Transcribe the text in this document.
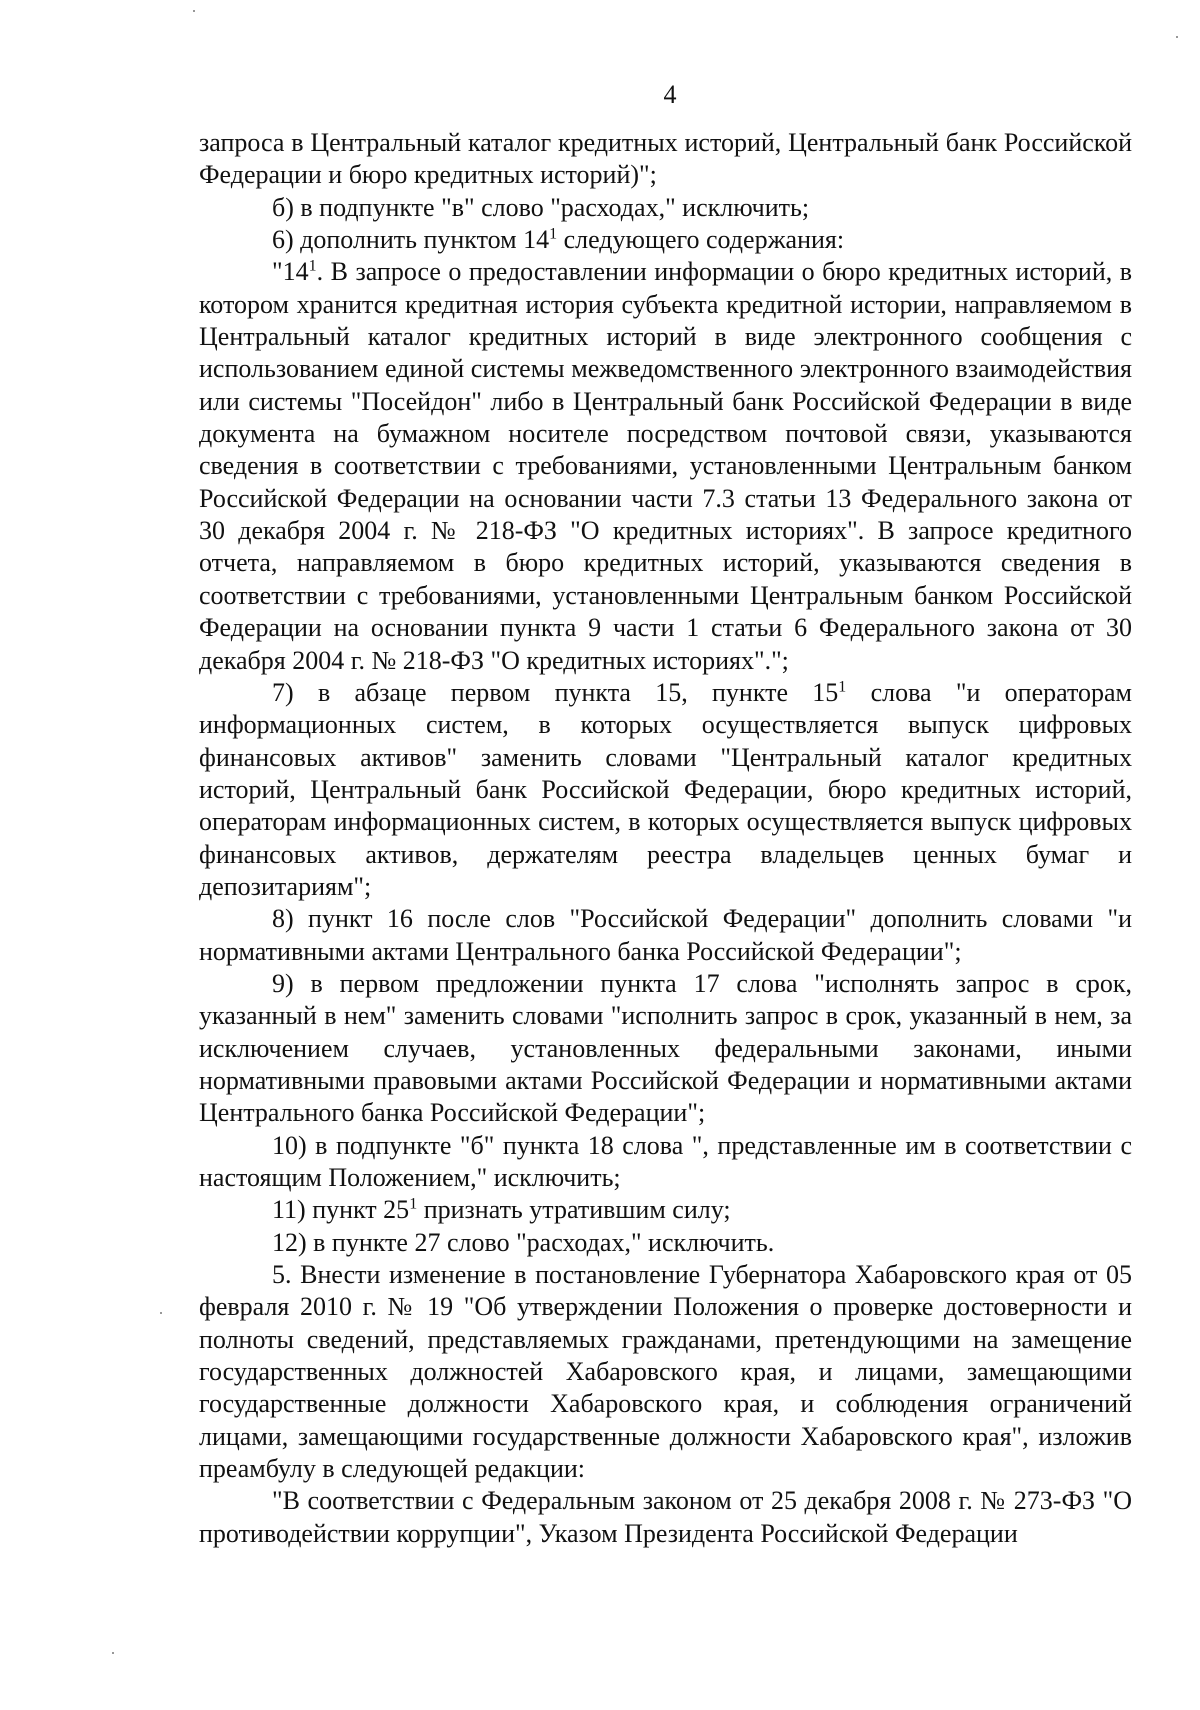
4

запроса в Центральный каталог кредитных историй, Центральный банк Российской Федерации и бюро кредитных историй)";

б) в подпункте "в" слово "расходах," исключить;

6) дополнить пунктом $14^1$ следующего содержания:

"$14^1$. В запросе о предоставлении информации о бюро кредитных историй, в котором хранится кредитная история субъекта кредитной истории, направляемом в Центральный каталог кредитных историй в виде электронного сообщения с использованием единой системы межведомственного электронного взаимодействия или системы "Посейдон" либо в Центральный банк Российской Федерации в виде документа на бумажном носителе посредством почтовой связи, указываются сведения в соответствии с требованиями, установленными Центральным банком Российской Федерации на основании части 7.3 статьи 13 Федерального закона от 30 декабря 2004 г. № 218-ФЗ "О кредитных историях". В запросе кредитного отчета, направляемом в бюро кредитных историй, указываются сведения в соответствии с требованиями, установленными Центральным банком Российской Федерации на основании пункта 9 части 1 статьи 6 Федерального закона от 30 декабря 2004 г. № 218-ФЗ "О кредитных историях".";

7) в абзаце первом пункта 15, пункте $15^1$ слова "и операторам информационных систем, в которых осуществляется выпуск цифровых финансовых активов" заменить словами "Центральный каталог кредитных историй, Центральный банк Российской Федерации, бюро кредитных историй, операторам информационных систем, в которых осуществляется выпуск цифровых финансовых активов, держателям реестра владельцев ценных бумаг и депозитариям";

8) пункт 16 после слов "Российской Федерации" дополнить словами "и нормативными актами Центрального банка Российской Федерации";

9) в первом предложении пункта 17 слова "исполнять запрос в срок, указанный в нем" заменить словами "исполнить запрос в срок, указанный в нем, за исключением случаев, установленных федеральными законами, иными нормативными правовыми актами Российской Федерации и нормативными актами Центрального банка Российской Федерации";

10) в подпункте "б" пункта 18 слова ", представленные им в соответствии с настоящим Положением," исключить;

11) пункт $25^1$ признать утратившим силу;

12) в пункте 27 слово "расходах," исключить.

5. Внести изменение в постановление Губернатора Хабаровского края от 05 февраля 2010 г. № 19 "Об утверждении Положения о проверке достоверности и полноты сведений, представляемых гражданами, претендующими на замещение государственных должностей Хабаровского края, и лицами, замещающими государственные должности Хабаровского края, и соблюдения ограничений лицами, замещающими государственные должности Хабаровского края", изложив преамбулу в следующей редакции:

"В соответствии с Федеральным законом от 25 декабря 2008 г. № 273-ФЗ "О противодействии коррупции", Указом Президента Российской Федерации
